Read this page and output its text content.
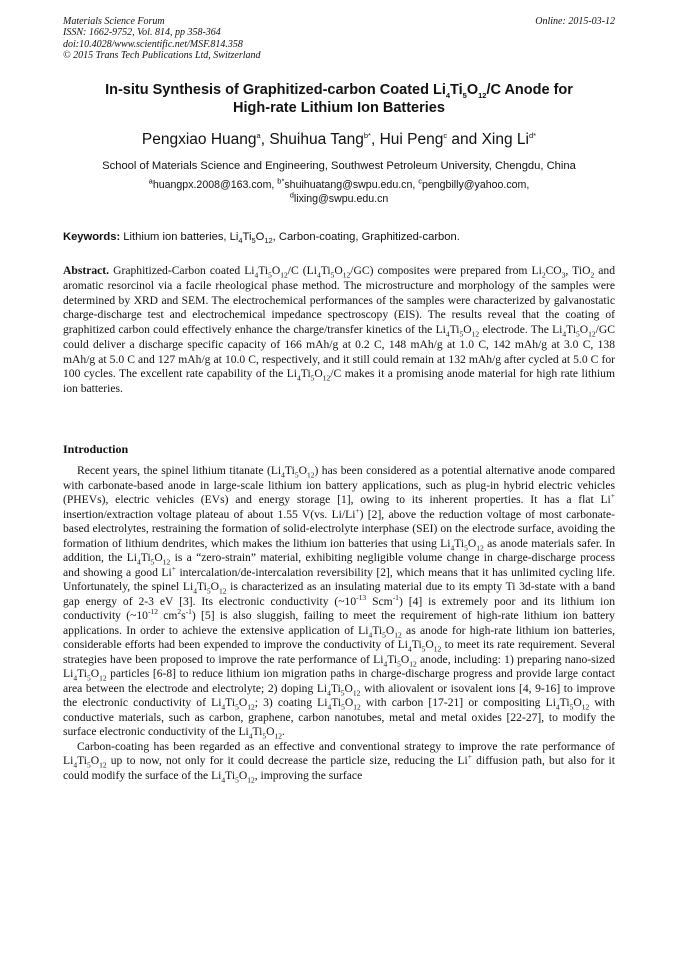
Materials Science Forum
ISSN: 1662-9752, Vol. 814, pp 358-364
doi:10.4028/www.scientific.net/MSF.814.358
© 2015 Trans Tech Publications Ltd, Switzerland
Online: 2015-03-12
In-situ Synthesis of Graphitized-carbon Coated $Li_4Ti_5O_{12}/C$ Anode for
High-rate Lithium Ion Batteries
Pengxiao Huang$^a$, Shuihua Tang$^{b*}$, Hui Peng$^c$ and Xing $Li^{d*}$
School of Materials Science and Engineering, Southwest Petroleum University, Chengdu, China
$^a$huangpx.2008@163.com, $^{b*}$shuihuatang@swpu.edu.cn, $^c$pengbilly@yahoo.com,
$^d$lixing@swpu.edu.cn
Keywords: Lithium ion batteries, $Li_4Ti_5O_{12}$, Carbon-coating, Graphitized-carbon.

Abstract. Graphitized-Carbon coated $Li_4Ti_5O_{12}/C$ $(Li_4Ti_5O_{12}/GC)$ composites were prepared from $Li_2CO_3$, TiO$_2$ and aromatic resorcinol via a facile rheological phase method. The microstructure and morphology of the samples were determined by XRD and SEM. The electrochemical performances of the samples were characterized by galvanostatic charge-discharge test and electrochemical impedance spectroscopy (EIS). The results reveal that the coating of graphitized carbon could effectively enhance the charge/transfer kinetics of the $Li_4Ti_5O_{12}$ electrode. The $Li_4Ti_5O_{12}/GC$ could deliver a discharge specific capacity of 166 mAh/g at 0.2 C, 148 mAh/g at 1.0 C, 142 mAh/g at 3.0 C, 138 mAh/g at 5.0 C and 127 mAh/g at 10.0 C, respectively, and it still could remain at 132 mAh/g after cycled at 5.0 C for 100 cycles. The excellent rate capability of the $Li_4Ti_5O_{12}/C$ makes it a promising anode material for high rate lithium ion batteries.

Introduction

Recent years, the spinel lithium titanate $(Li_4Ti_5O_{12})$ has been considered as a potential alternative anode compared with carbonate-based anode in large-scale lithium ion battery applications, such as plug-in hybrid electric vehicles (PHEVs), electric vehicles (EVs) and energy storage [1], owing to its inherent properties. It has a flat Li+ insertion/extraction voltage plateau of about 1.55 V(vs. Li/Li+) [2], above the reduction voltage of most carbonate-based electrolytes, restraining the formation of solid-electrolyte interphase (SEI) on the electrode surface, avoiding the formation of lithium dendrites, which makes the lithium ion batteries that using $Li_4Ti_5O_{12}$ as anode materials safer. In addition, the $Li_4Ti_5O_{12}$ is a “zero-strain” material, exhibiting negligible volume change in charge-discharge process and showing a good Li+ intercalation/de-intercalation reversibility [2], which means that it has unlimited cycling life. Unfortunately, the spinel $Li_4Ti_5O_{12}$ is characterized as an insulating material due to its empty Ti 3d-state with a band gap energy of 2-3 eV [3]. Its electronic conductivity ($\sim 10^{-13}$ Scm$^{-1}$) [4] is extremely poor and its lithium ion conductivity ($\sim 10^{-12}$ $cm^2s^{-1}$) [5] is also sluggish, failing to meet the requirement of high-rate lithium ion battery applications. In order to achieve the extensive application of $Li_4Ti_5O_{12}$ as anode for high-rate lithium ion batteries, considerable efforts had been expended to improve the conductivity of $Li_4Ti_5O_{12}$ to meet its rate requirement. Several strategies have been proposed to improve the rate performance of $Li_4Ti_5O_{12}$ anode, including: 1) preparing nano-sized $Li_4Ti_5O_{12}$ particles [6-8] to reduce lithium ion migration paths in charge-discharge progress and provide large contact area between the electrode and electrolyte; 2) doping $Li_4Ti_5O_{12}$ with aliovalent or isovalent ions [4, 9-16] to improve the electronic conductivity of $Li_4Ti_5O_{12}$; 3) coating $Li_4Ti_5O_{12}$ with carbon [17-21] or compositing $Li_4Ti_5O_{12}$ with conductive materials, such as carbon, graphene, carbon nanotubes, metal and metal oxides [22-27], to modify the surface electronic conductivity of the $Li_4Ti_5O_{12}$.

Carbon-coating has been regarded as an effective and conventional strategy to improve the rate performance of $Li_4Ti_5O_{12}$ up to now, not only for it could decrease the particle size, reducing the Li+ diffusion path, but also for it could modify the surface of the $Li_4Ti_5O_{12}$, improving the surface
